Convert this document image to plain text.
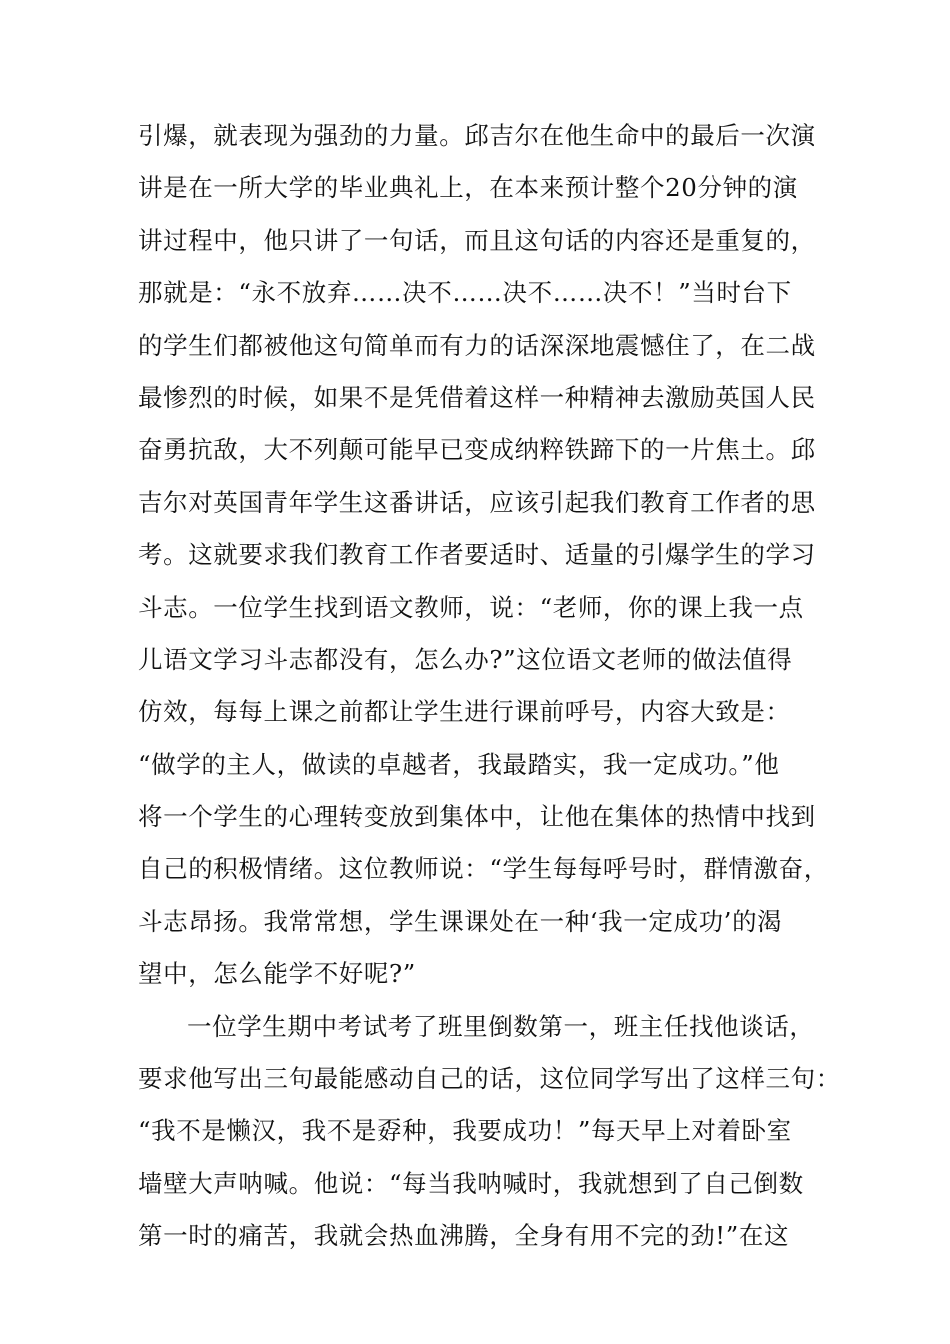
引爆，就表现为强劲的力量。邱吉尔在他生命中的最后一次演
讲是在一所大学的毕业典礼上，在本来预计整个20分钟的演
讲过程中，他只讲了一句话，而且这句话的内容还是重复的，
那就是：“永不放弃……决不……决不……决不！”当时台下
的学生们都被他这句简单而有力的话深深地震憾住了，在二战
最惨烈的时候，如果不是凭借着这样一种精神去激励英国人民
奋勇抗敌，大不列颠可能早已变成纳粹铁蹄下的一片焦土。邱
吉尔对英国青年学生这番讲话，应该引起我们教育工作者的思
考。这就要求我们教育工作者要适时、适量的引爆学生的学习
斗志。一位学生找到语文教师，说：“老师，你的课上我一点
儿语文学习斗志都没有，怎么办?”这位语文老师的做法值得
仿效，每每上课之前都让学生进行课前呼号，内容大致是：
“做学的主人，做读的卓越者，我最踏实，我一定成功。”他
将一个学生的心理转变放到集体中，让他在集体的热情中找到
自己的积极情绪。这位教师说：“学生每每呼号时，群情激奋，
斗志昂扬。我常常想，学生课课处在一种‘我一定成功’的渴
望中，怎么能学不好呢?”
一位学生期中考试考了班里倒数第一，班主任找他谈话，
要求他写出三句最能感动自己的话，这位同学写出了这样三句：
“我不是懒汉，我不是孬种，我要成功！”每天早上对着卧室
墙壁大声呐喊。他说：“每当我呐喊时，我就想到了自己倒数
第一时的痛苦，我就会热血沸腾，全身有用不完的劲!”在这
